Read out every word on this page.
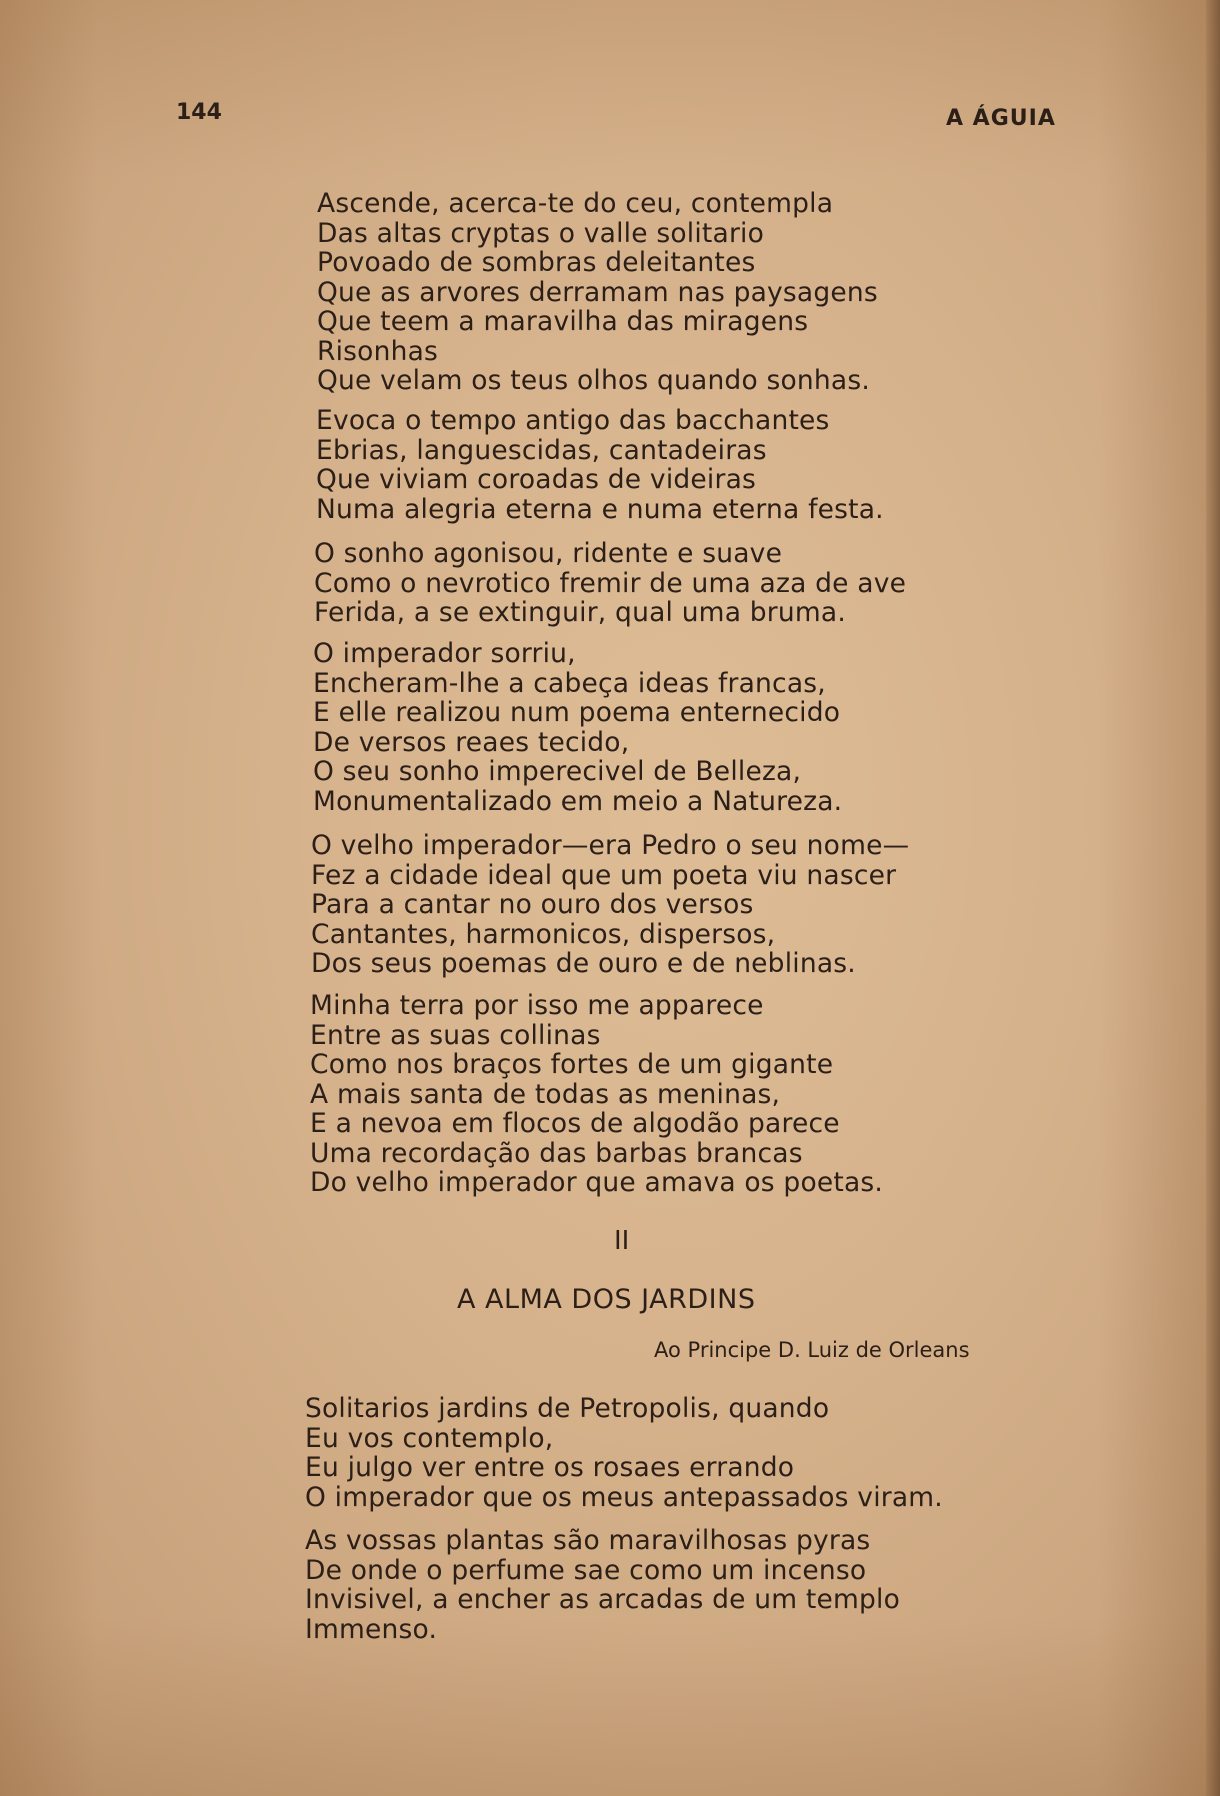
144	A ÁGUIA

Ascende, acerca-te do ceu, contempla
Das altas cryptas o valle solitario
Povoado de sombras deleitantes
Que as arvores derramam nas paysagens
Que teem a maravilha das miragens
Risonhas
Que velam os teus olhos quando sonhas.
Evoca o tempo antigo das bacchantes
Ebrias, languescidas, cantadeiras
Que viviam coroadas de videiras
Numa alegria eterna e numa eterna festa.
O sonho agonisou, ridente e suave
Como o nevrotico fremir de uma aza de ave
Ferida, a se extinguir, qual uma bruma.
O imperador sorriu,
Encheram-lhe a cabeça ideas francas,
E elle realizou num poema enternecido
De versos reaes tecido,
O seu sonho imperecivel de Belleza,
Monumentalizado em meio a Natureza.
O velho imperador—era Pedro o seu nome—
Fez a cidade ideal que um poeta viu nascer
Para a cantar no ouro dos versos
Cantantes, harmonicos, dispersos,
Dos seus poemas de ouro e de neblinas.
Minha terra por isso me apparece
Entre as suas collinas
Como nos braços fortes de um gigante
A mais santa de todas as meninas,
E a nevoa em flocos de algodão parece
Uma recordação das barbas brancas
Do velho imperador que amava os poetas.

II

A ALMA DOS JARDINS

Ao Principe D. Luiz de Orleans

Solitarios jardins de Petropolis, quando
Eu vos contemplo,
Eu julgo ver entre os rosaes errando
O imperador que os meus antepassados viram.
As vossas plantas são maravilhosas pyras
De onde o perfume sae como um incenso
Invisivel, a encher as arcadas de um templo
Immenso.
